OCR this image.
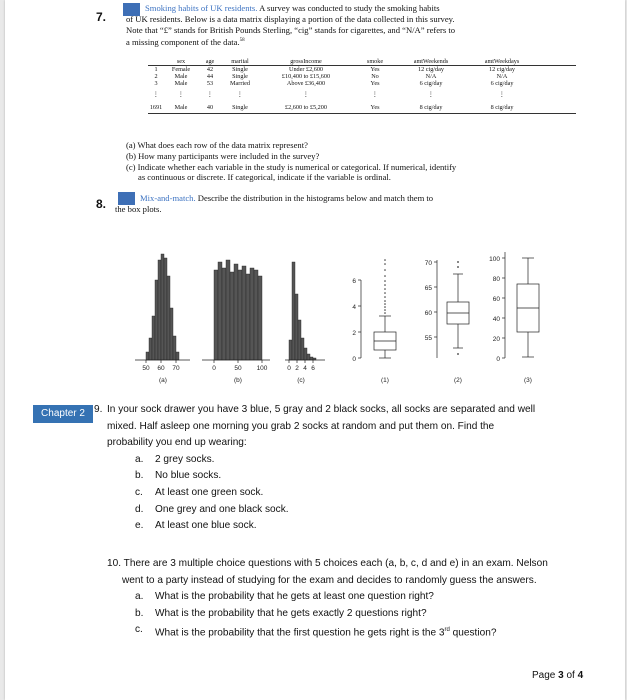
7.
Smoking habits of UK residents. A survey was conducted to study the smoking habits
of UK residents. Below is a data matrix displaying a portion of the data collected in this survey.
Note that “£” stands for British Pounds Sterling, “cig” stands for cigarettes, and “N/A” refers to
a missing component of the data.$^{58}$
sex	age	marital	grossIncome	smoke	amtWeekends	amtWeekdays
1	Female	42	Single	Under £2,600	Yes	12 cig/day	12 cig/day
2	Male	44	Single	£10,400 to £15,600	No	N/A	N/A
3	Male	53	Married	Above £36,400	Yes	6 cig/day	6 cig/day
⋮	⋮	⋮	⋮	⋮	⋮	⋮	⋮
1691	Male	40	Single	£2,600 to £5,200	Yes	8 cig/day	8 cig/day
(a) What does each row of the data matrix represent?
(b) How many participants were included in the survey?
(c) Indicate whether each variable in the study is numerical or categorical. If numerical, identify
as continuous or discrete. If categorical, indicate if the variable is ordinal.
8.	Mix-and-match. Describe the distribution in the histograms below and match them to
the box plots.
50 60 70	0	50 100	0 2 4 6
(a)	(b)	(c)	(1)	(2)	(3)
0
2
4
6
55
60
65
70
0
20
40
60
80
100
Chapter 2 9. In your sock drawer you have 3 blue, 5 gray and 2 black socks, all socks are separated and well
mixed. Half asleep one morning you grab 2 socks at random and put them on. Find the
probability you end up wearing:
a.	2 grey socks.
b.	No blue socks.
c.	At least one green sock.
d.	One grey and one black sock.
e.	At least one blue sock.
10. There are 3 multiple choice questions with 5 choices each (a, b, c, d and e) in an exam. Nelson
went to a party instead of studying for the exam and decides to randomly guess the answers.
a.	What is the probability that he gets at least one question right?
b.	What is the probability that he gets exactly 2 questions right?
c.	What is the probability that the first question he gets right is the 3rd question?
Page 3 of 4
